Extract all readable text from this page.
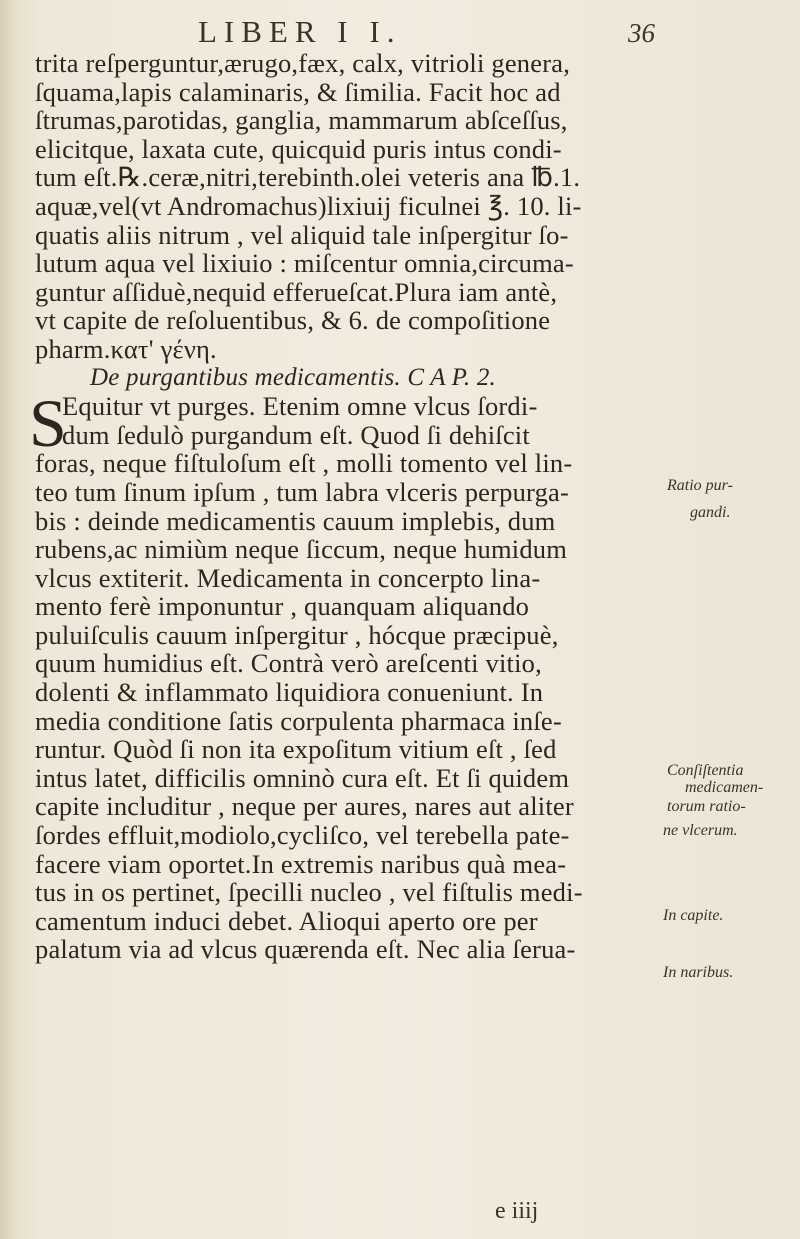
LIBER I I.	36
trita reſperguntur,ærugo,fæx, calx, vitrioli genera,
ſquama,lapis calaminaris, & ſimilia. Facit hoc ad
ſtrumas,parotidas, ganglia, mammarum abſceſſus,
elicitque, laxata cute, quicquid puris intus condi-
tum eſt.℞.ceræ,nitri,terebinth.olei veteris ana ℔.1.
aquæ,vel(vt Andromachus)lixiuij ficulnei ℥. 10. li-
quatis aliis nitrum , vel aliquid tale inſpergitur ſo-
lutum aqua vel lixiuio : miſcentur omnia,circuma-
guntur aſſiduè,nequid efferueſcat.Plura iam antè,
vt capite de reſoluentibus, & 6. de compoſitione
pharm.κατ' γένη.
De purgantibus medicamentis. C A P. 2.
S
Equitur vt purges. Etenim omne vlcus ſordi-
dum ſedulò purgandum eſt. Quod ſi dehiſcit
foras, neque fiſtuloſum eſt , molli tomento vel lin-
teo tum ſinum ipſum , tum labra vlceris perpurga-
bis : deinde medicamentis cauum implebis, dum
rubens,ac nimiùm neque ſiccum, neque humidum
vlcus extiterit. Medicamenta in concerpto lina-
mento ferè imponuntur , quanquam aliquando
puluiſculis cauum inſpergitur , hócque præcipuè,
quum humidius eſt. Contrà verò areſcenti vitio,
dolenti & inflammato liquidiora conueniunt. In
media conditione ſatis corpulenta pharmaca inſe-
runtur. Quòd ſi non ita expoſitum vitium eſt , ſed
intus latet, difficilis omninò cura eſt. Et ſi quidem
capite includitur , neque per aures, nares aut aliter
ſordes effluit,modiolo,cycliſco, vel terebella pate-
facere viam oportet.In extremis naribus quà mea-
tus in os pertinet, ſpecilli nucleo , vel fiſtulis medi-
camentum induci debet. Alioqui aperto ore per
palatum via ad vlcus quærenda eſt. Nec alia ſerua-
e iiij
Ratio pur-
gandi.
Conſiſtentia
medicamen-
torum ratio-
ne vlcerum.
In capite.
In naribus.
